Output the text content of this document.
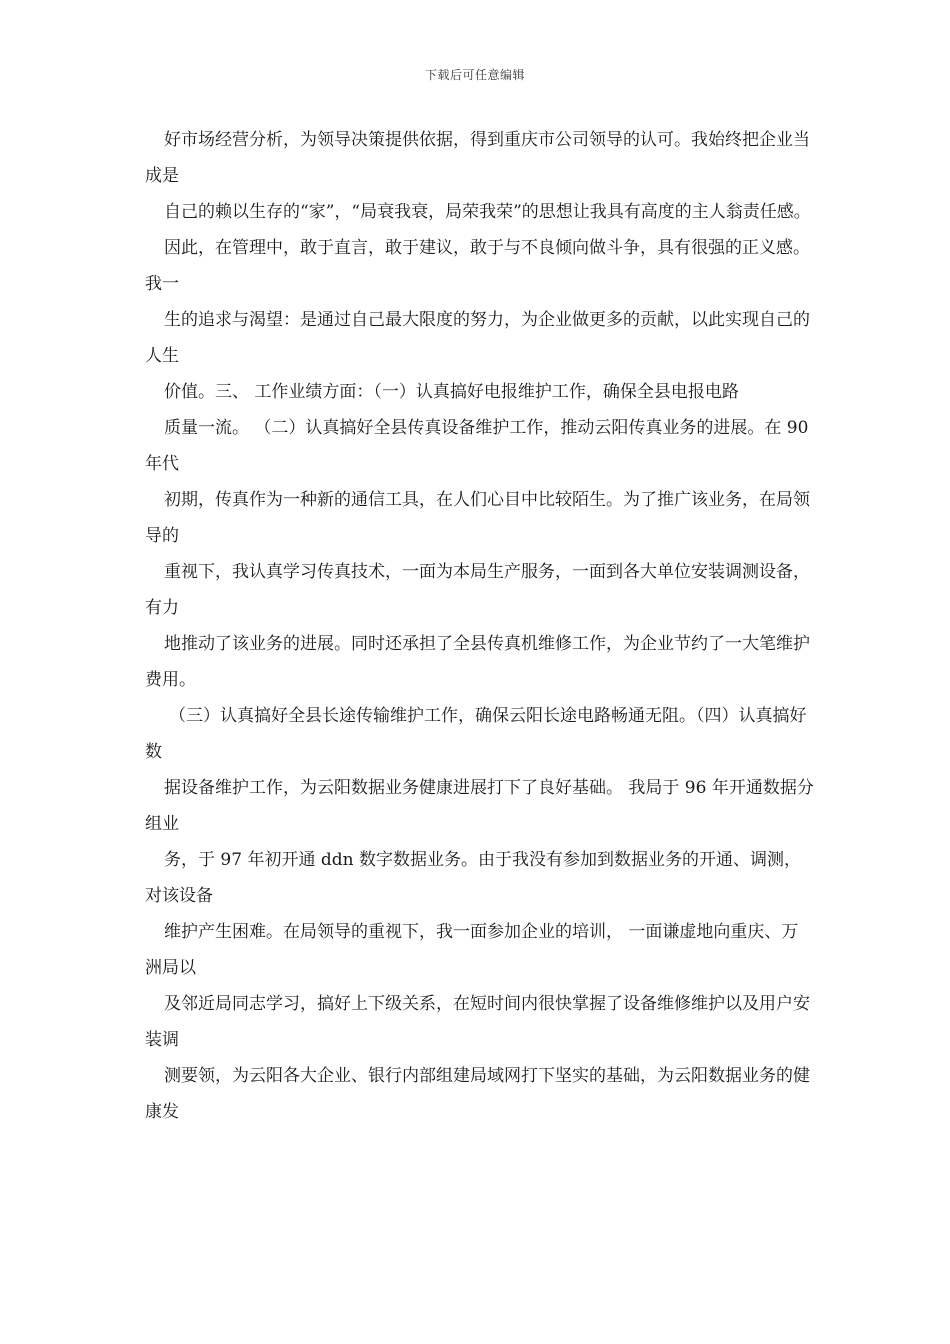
下载后可任意编辑

好市场经营分析，为领导决策提供依据，得到重庆市公司领导的认可。我始终把企业当成是

自己的赖以生存的“家”，“局衰我衰，局荣我荣”的思想让我具有高度的主人翁责任感。

因此，在管理中，敢于直言，敢于建议，敢于与不良倾向做斗争，具有很强的正义感。我一

生的追求与渴望：是通过自己最大限度的努力，为企业做更多的贡献，以此实现自己的人生

价值。三、 工作业绩方面：（一）认真搞好电报维护工作，确保全县电报电路

质量一流。 （二）认真搞好全县传真设备维护工作，推动云阳传真业务的进展。在 90 年代

初期，传真作为一种新的通信工具，在人们心目中比较陌生。为了推广该业务，在局领导的

重视下，我认真学习传真技术，一面为本局生产服务，一面到各大单位安装调测设备，有力

地推动了该业务的进展。同时还承担了全县传真机维修工作，为企业节约了一大笔维护费用。

（三）认真搞好全县长途传输维护工作，确保云阳长途电路畅通无阻。（四）认真搞好数

据设备维护工作，为云阳数据业务健康进展打下了良好基础。 我局于 96 年开通数据分组业

务，于 97 年初开通 ddn 数字数据业务。由于我没有参加到数据业务的开通、调测，对该设备

维护产生困难。在局领导的重视下，我一面参加企业的培训， 一面谦虚地向重庆、万洲局以

及邻近局同志学习，搞好上下级关系，在短时间内很快掌握了设备维修维护以及用户安装调

测要领，为云阳各大企业、银行内部组建局域网打下坚实的基础，为云阳数据业务的健康发
